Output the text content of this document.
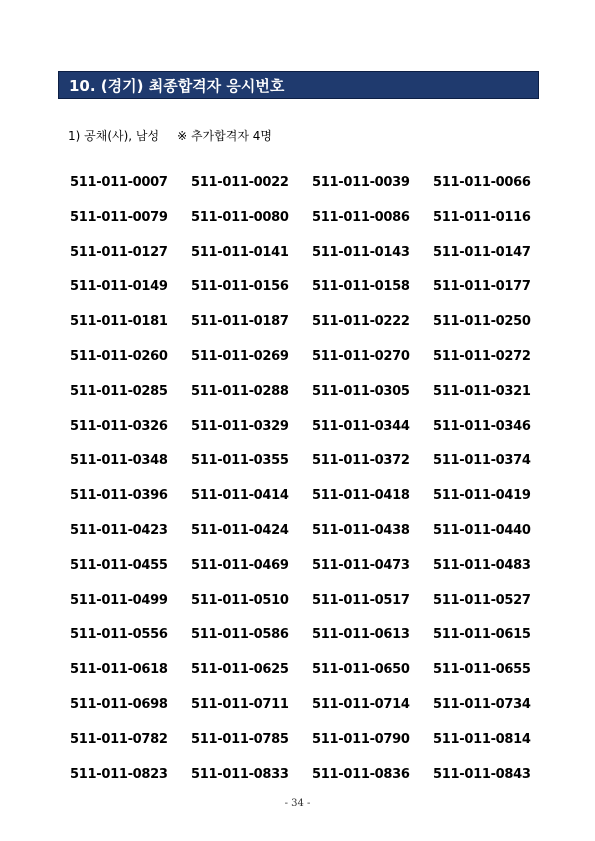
10. (경기) 최종합격자 응시번호
1) 공채(사), 남성 ※ 추가합격자 4명
511-011-0007	511-011-0022	511-011-0039	511-011-0066
511-011-0079	511-011-0080	511-011-0086	511-011-0116
511-011-0127	511-011-0141	511-011-0143	511-011-0147
511-011-0149	511-011-0156	511-011-0158	511-011-0177
511-011-0181	511-011-0187	511-011-0222	511-011-0250
511-011-0260	511-011-0269	511-011-0270	511-011-0272
511-011-0285	511-011-0288	511-011-0305	511-011-0321
511-011-0326	511-011-0329	511-011-0344	511-011-0346
511-011-0348	511-011-0355	511-011-0372	511-011-0374
511-011-0396	511-011-0414	511-011-0418	511-011-0419
511-011-0423	511-011-0424	511-011-0438	511-011-0440
511-011-0455	511-011-0469	511-011-0473	511-011-0483
511-011-0499	511-011-0510	511-011-0517	511-011-0527
511-011-0556	511-011-0586	511-011-0613	511-011-0615
511-011-0618	511-011-0625	511-011-0650	511-011-0655
511-011-0698	511-011-0711	511-011-0714	511-011-0734
511-011-0782	511-011-0785	511-011-0790	511-011-0814
511-011-0823	511-011-0833	511-011-0836	511-011-0843
- 34 -
